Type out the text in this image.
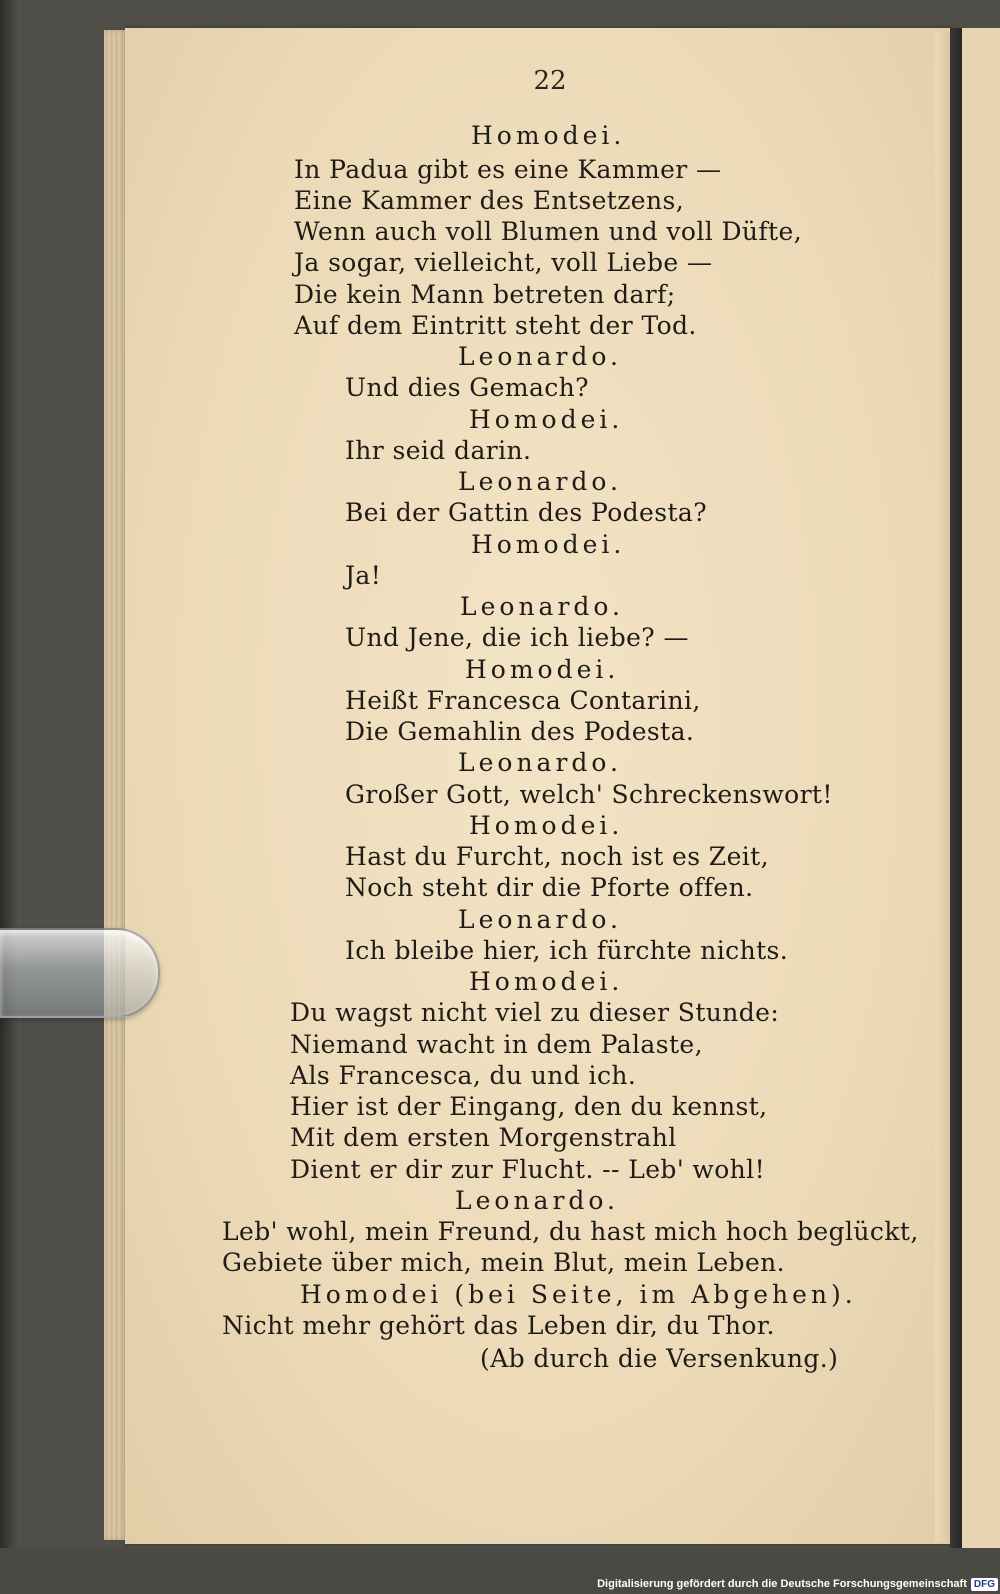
22
Homodei.
In Padua gibt es eine Kammer —
Eine Kammer des Entsetzens,
Wenn auch voll Blumen und voll Düfte,
Ja sogar, vielleicht, voll Liebe —
Die kein Mann betreten darf;
Auf dem Eintritt steht der Tod.
Leonardo.
Und dies Gemach?
Homodei.
Ihr seid darin.
Leonardo.
Bei der Gattin des Podesta?
Homodei.
Ja!
Leonardo.
Und Jene, die ich liebe? —
Homodei.
Heißt Francesca Contarini,
Die Gemahlin des Podesta.
Leonardo.
Großer Gott, welch' Schreckenswort!
Homodei.
Hast du Furcht, noch ist es Zeit,
Noch steht dir die Pforte offen.
Leonardo.
Ich bleibe hier, ich fürchte nichts.
Homodei.
Du wagst nicht viel zu dieser Stunde:
Niemand wacht in dem Palaste,
Als Francesca, du und ich.
Hier ist der Eingang, den du kennst,
Mit dem ersten Morgenstrahl
Dient er dir zur Flucht. -- Leb' wohl!
Leonardo.
Leb' wohl, mein Freund, du hast mich hoch beglückt,
Gebiete über mich, mein Blut, mein Leben.
Homodei (bei Seite, im Abgehen).
Nicht mehr gehört das Leben dir, du Thor.
(Ab durch die Versenkung.)
Digitalisierung gefördert durch die Deutsche Forschungsgemeinschaft DFG
